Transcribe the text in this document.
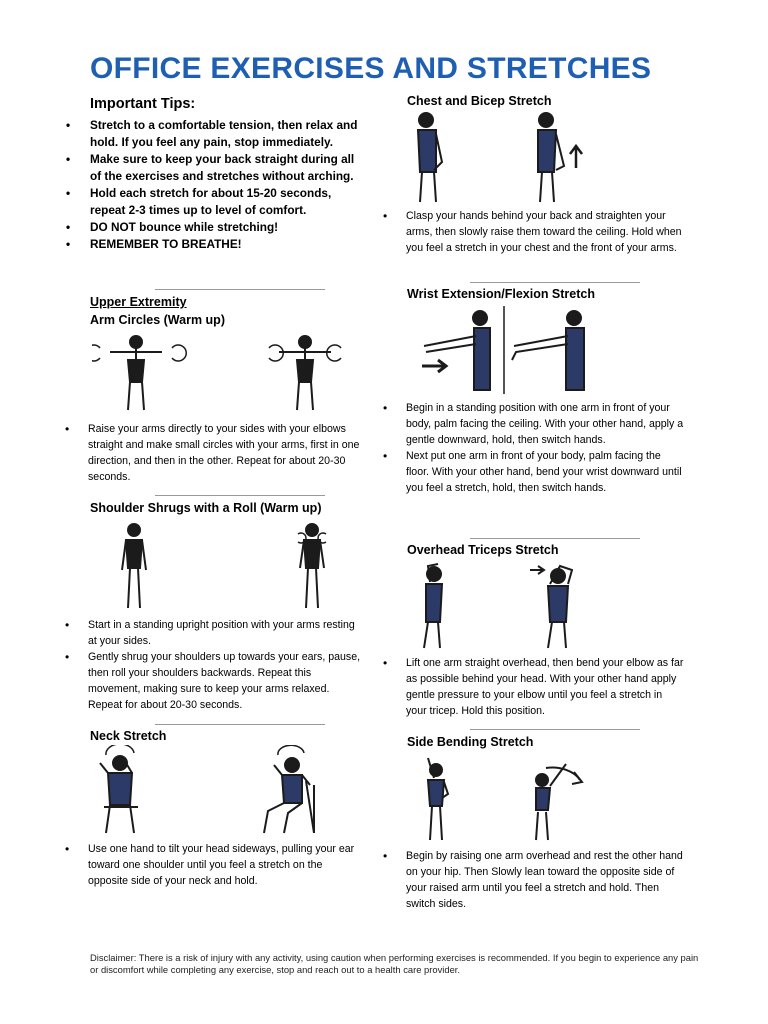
OFFICE EXERCISES AND STRETCHES
Important Tips:
• Stretch to a comfortable tension, then relax and hold. If you feel any pain, stop immediately.
• Make sure to keep your back straight during all of the exercises and stretches without arching.
• Hold each stretch for about 15-20 seconds, repeat 2-3 times up to level of comfort.
• DO NOT bounce while stretching!
• REMEMBER TO BREATHE!
Upper Extremity
Arm Circles (Warm up)
• Raise your arms directly to your sides with your elbows straight and make small circles with your arms, first in one direction, and then in the other. Repeat for about 20-30 seconds.
Shoulder Shrugs with a Roll (Warm up)
• Start in a standing upright position with your arms resting at your sides.
• Gently shrug your shoulders up towards your ears, pause, then roll your shoulders backwards. Repeat this movement, making sure to keep your arms relaxed. Repeat for about 20-30 seconds.
Neck Stretch
• Use one hand to tilt your head sideways, pulling your ear toward one shoulder until you feel a stretch on the opposite side of your neck and hold.
Chest and Bicep Stretch
• Clasp your hands behind your back and straighten your arms, then slowly raise them toward the ceiling. Hold when you feel a stretch in your chest and the front of your arms.
Wrist Extension/Flexion Stretch
• Begin in a standing position with one arm in front of your body, palm facing the ceiling. With your other hand, apply a gentle downward, hold, then switch hands.
• Next put one arm in front of your body, palm facing the floor. With your other hand, bend your wrist downward until you feel a stretch, hold, then switch hands.
Overhead Triceps Stretch
• Lift one arm straight overhead, then bend your elbow as far as possible behind your head. With your other hand apply gentle pressure to your elbow until you feel a stretch in your tricep. Hold this position.
Side Bending Stretch
• Begin by raising one arm overhead and rest the other hand on your hip. Then Slowly lean toward the opposite side of your raised arm until you feel a stretch and hold. Then switch sides.
Disclaimer: There is a risk of injury with any activity, using caution when performing exercises is recommended. If you begin to experience any pain or discomfort while completing any exercise, stop and reach out to a health care provider.
